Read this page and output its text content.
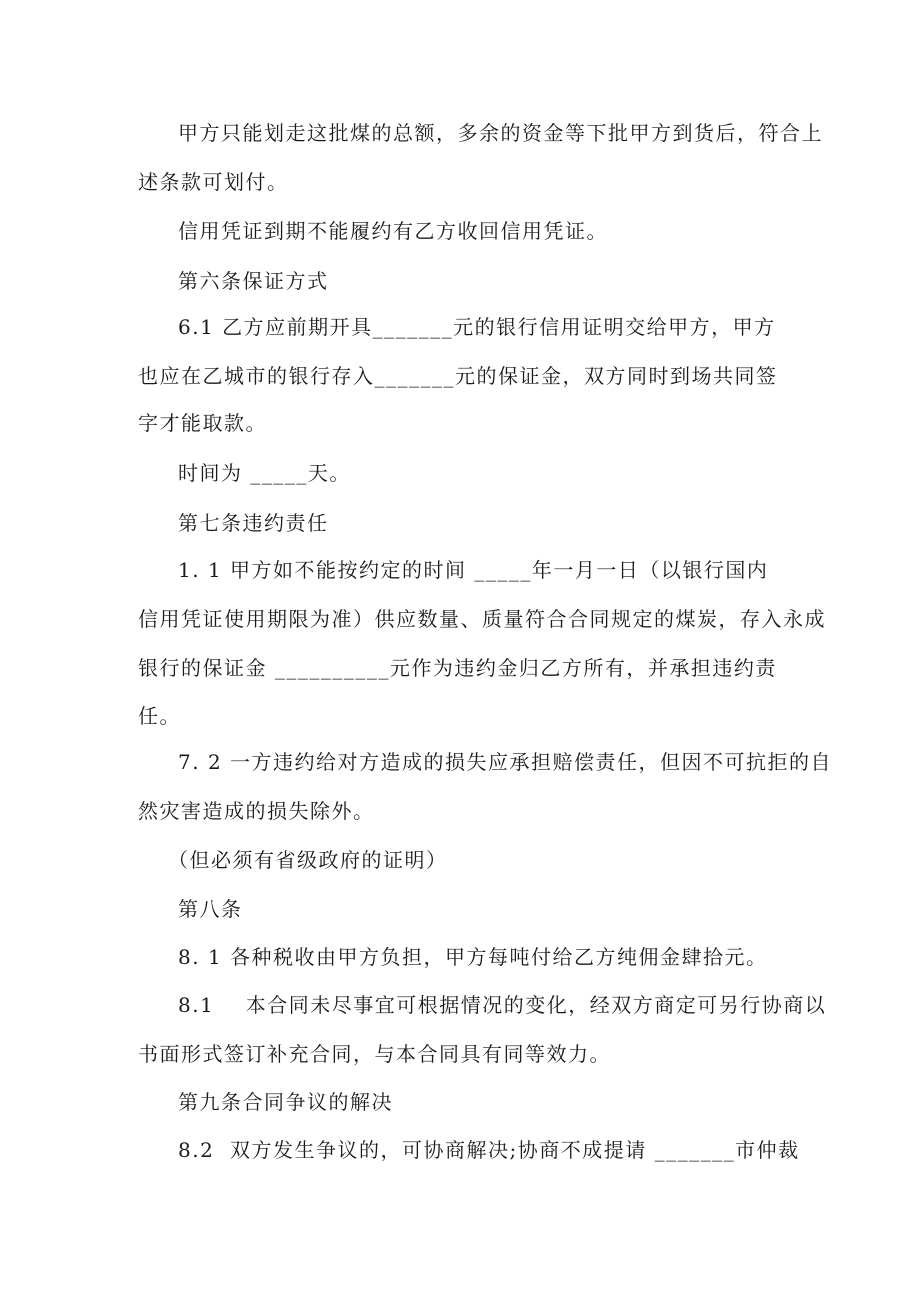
甲方只能划走这批煤的总额，多余的资金等下批甲方到货后，符合上
述条款可划付。
信用凭证到期不能履约有乙方收回信用凭证。
第六条保证方式
6.1 乙方应前期开具_______元的银行信用证明交给甲方，甲方
也应在乙城市的银行存入_______元的保证金，双方同时到场共同签
字才能取款。
时间为 _____天。
第七条违约责任
1. 1 甲方如不能按约定的时间 _____年一月一日（以银行国内
信用凭证使用期限为准）供应数量、质量符合合同规定的煤炭，存入永成
银行的保证金 __________元作为违约金归乙方所有，并承担违约责
任。
7. 2 一方违约给对方造成的损失应承担赔偿责任，但因不可抗拒的自
然灾害造成的损失除外。
（但必须有省级政府的证明）
第八条
8. 1 各种税收由甲方负担，甲方每吨付给乙方纯佣金肆拾元。
8.1    本合同未尽事宜可根据情况的变化，经双方商定可另行协商以
书面形式签订补充合同，与本合同具有同等效力。
第九条合同争议的解决
8.2  双方发生争议的，可协商解决;协商不成提请 _______市仲裁
